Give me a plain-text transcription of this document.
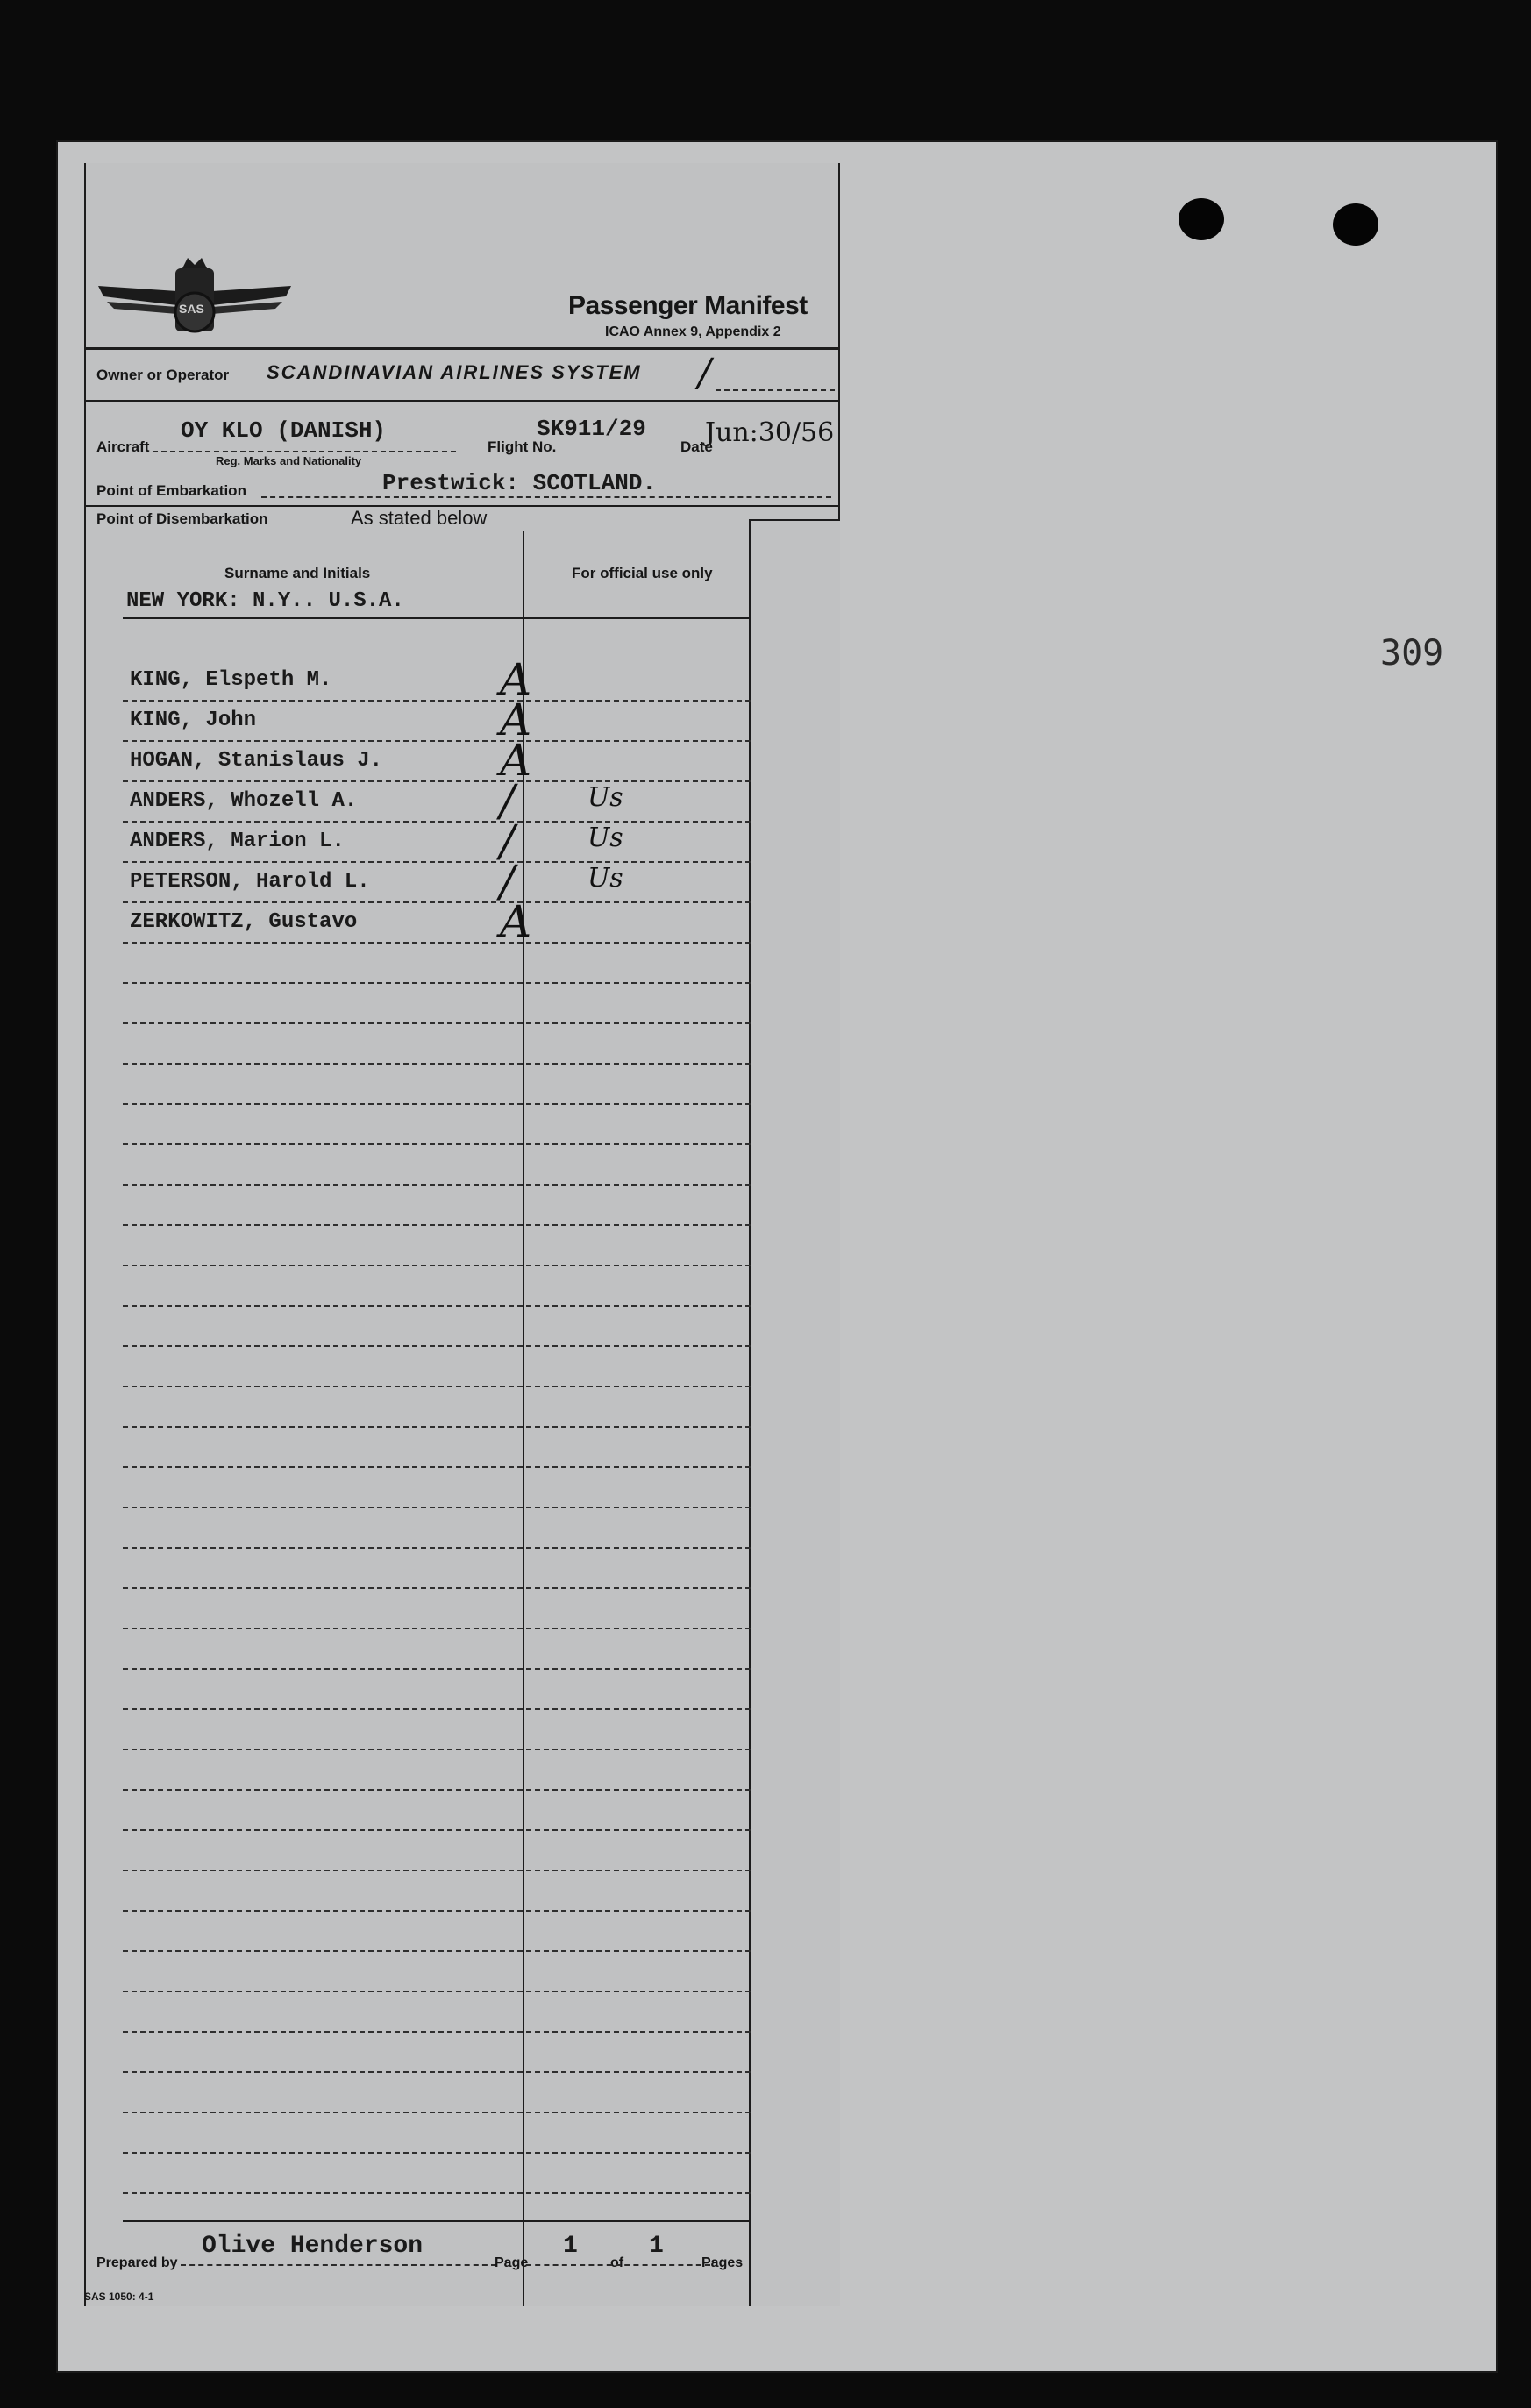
309
SAS	Passenger Manifest
ICAO Annex 9, Appendix 2
Owner or Operator SCANDINAVIAN AIRLINES SYSTEM /
Aircraft
OY KLO (DANISH)
Reg. Marks and Nationality
Flight No.
SK911/29
Date
Jun:30/56
Point of Embarkation	Prestwick: SCOTLAND.
Point of Disembarkation	As stated below
Surname and Initials	For official use only
NEW YORK: N.Y.. U.S.A.
KING, Elspeth M.	A
KING, John	A
HOGAN, Stanislaus J.	A
ANDERS, Whozell A.	/	Us
ANDERS, Marion L.	/	Us
PETERSON, Harold L.	/	Us
ZERKOWITZ, Gustavo	A
Prepared by
Olive Henderson
Page
1
of
1
Pages
SAS 1050: 4-1
